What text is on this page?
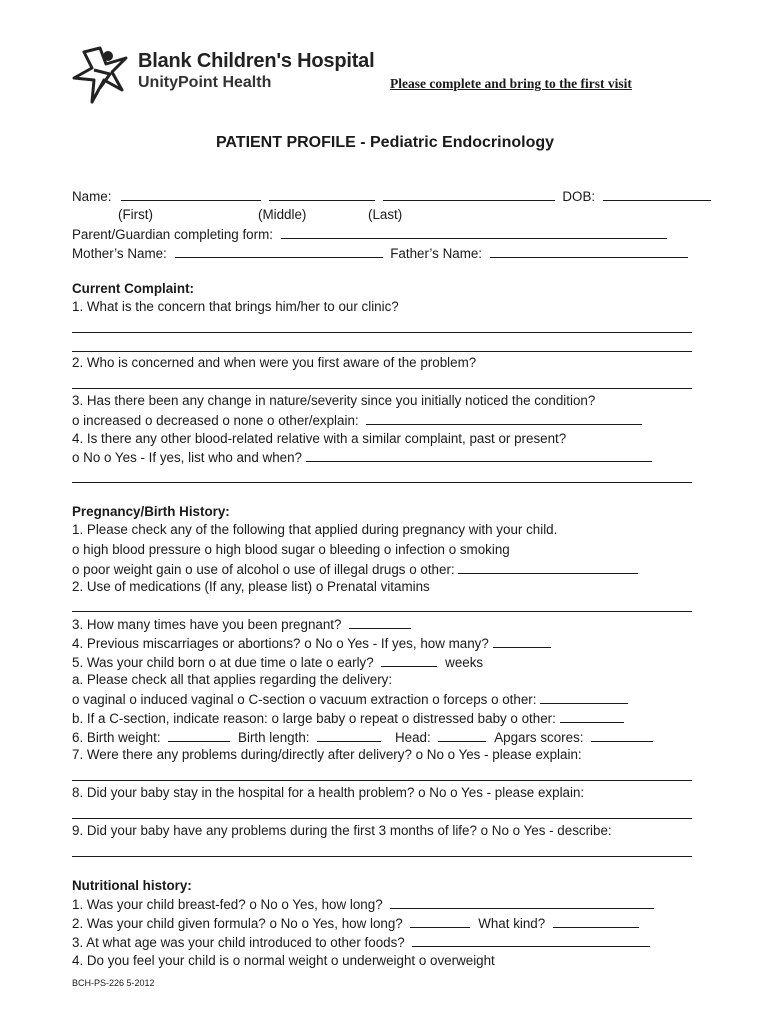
Blank Children's Hospital
UnityPoint Health	Please complete and bring to the first visit
PATIENT PROFILE - Pediatric Endocrinology
Name:	DOB:
(First)	(Middle)	(Last)
Parent/Guardian completing form:
Mother’s Name:	Father’s Name:
Current Complaint:
1. What is the concern that brings him/her to our clinic?
2. Who is concerned and when were you first aware of the problem?
3. Has there been any change in nature/severity since you initially noticed the condition?
o increased o decreased o none o other/explain:
4. Is there any other blood-related relative with a similar complaint, past or present?
o No o Yes - If yes, list who and when?
Pregnancy/Birth History:
1. Please check any of the following that applied during pregnancy with your child.
o high blood pressure o high blood sugar o bleeding o infection o smoking
o poor weight gain o use of alcohol o use of illegal drugs o other:
2. Use of medications (If any, please list) o Prenatal vitamins
3. How many times have you been pregnant?
4. Previous miscarriages or abortions? o No o Yes - If yes, how many?
5. Was your child born o at due time o late o early?	weeks
a. Please check all that applies regarding the delivery:
o vaginal o induced vaginal o C-section o vacuum extraction o forceps o other:
b. If a C-section, indicate reason: o large baby o repeat o distressed baby o other:
6. Birth weight:	Birth length:	Head:	Apgars scores:
7. Were there any problems during/directly after delivery? o No o Yes - please explain:
8. Did your baby stay in the hospital for a health problem? o No o Yes - please explain:
9. Did your baby have any problems during the first 3 months of life? o No o Yes - describe:
Nutritional history:
1. Was your child breast-fed? o No o Yes, how long?
2. Was your child given formula? o No o Yes, how long?	What kind?
3. At what age was your child introduced to other foods?
4. Do you feel your child is o normal weight o underweight o overweight
BCH-PS-226 5-2012
